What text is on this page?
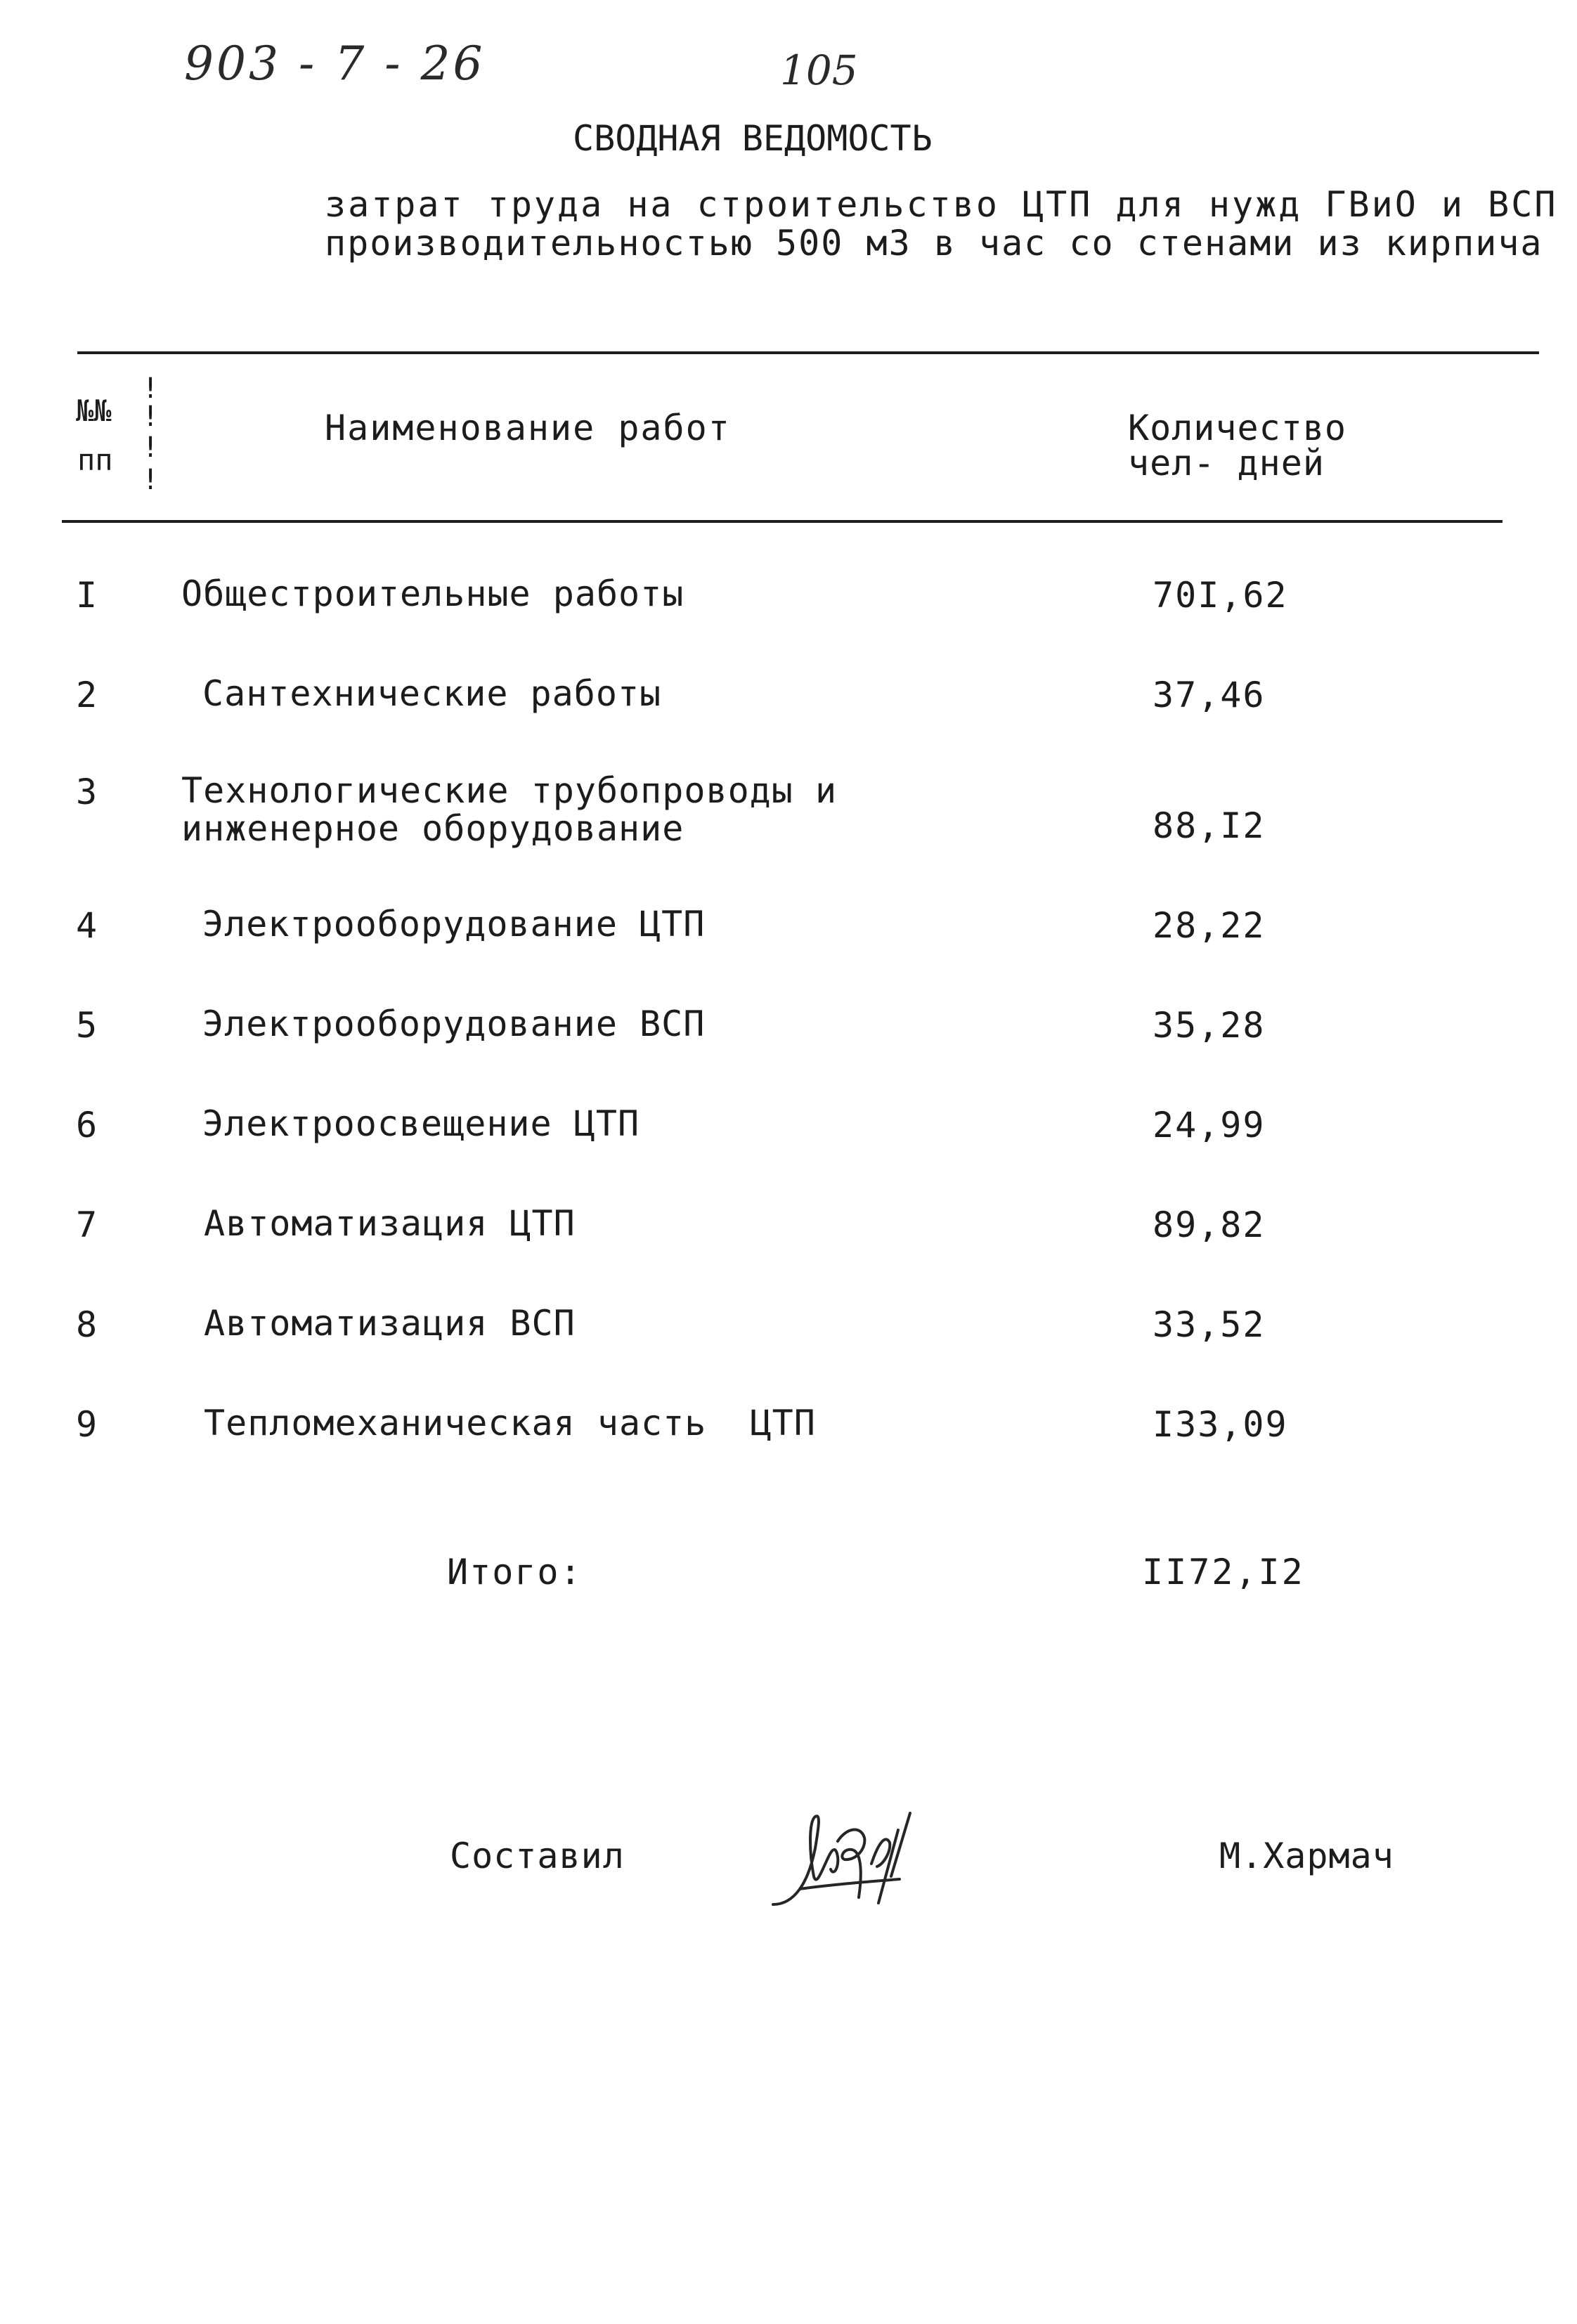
903 - 7 - 26	105
СВОДНАЯ ВЕДОМОСТЬ
затрат труда на строительство ЦТП для нужд ГВиО и ВСП
производительностью 500 м3 в час со стенами из кирпича
№№
пп
!
!
!
!
Наименование работ	Количество
чел- дней
I Общестроительные работы	70I,62
2	Сантехнические работы	37,46
3 Технологические трубопроводы и
инженерное оборудование	88,I2
4	Электрооборудование ЦТП	28,22
5	Электрооборудование ВСП	35,28
6	Электроосвещение ЦТП	24,99
7	Автоматизация ЦТП	89,82
8	Автоматизация ВСП	33,52
9	Тепломеханическая часть  ЦТП	I33,09
Итого:	II72,I2
Составил	М.Хармач
